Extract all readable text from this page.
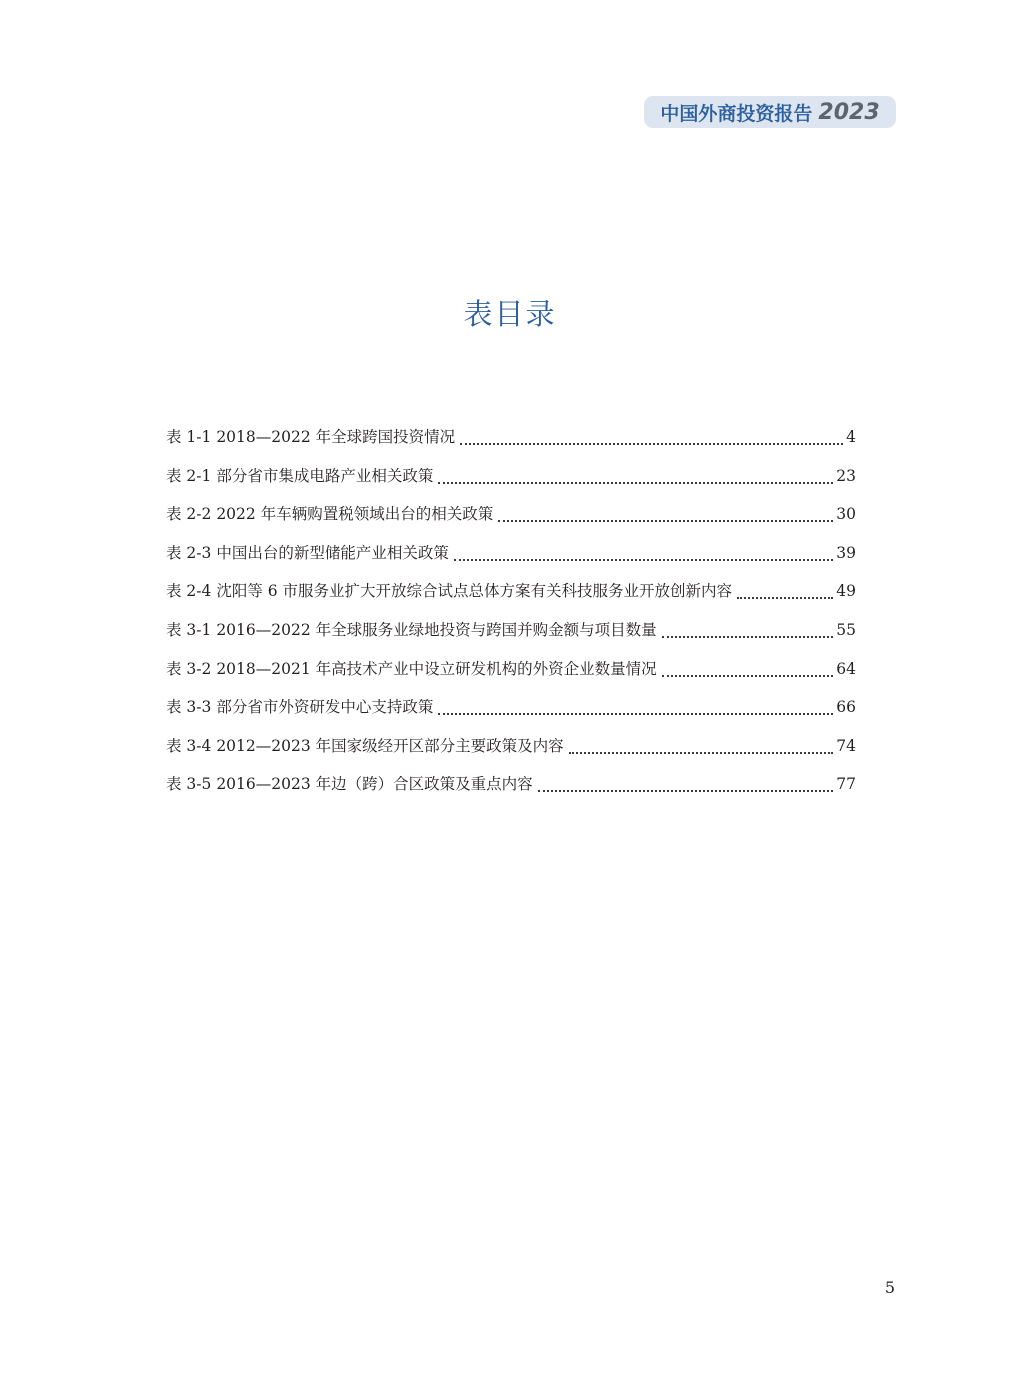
中国外商投资报告 2023
表目录
表 1-1 2018—2022 年全球跨国投资情况	4
表 2-1 部分省市集成电路产业相关政策	23
表 2-2 2022 年车辆购置税领域出台的相关政策	30
表 2-3 中国出台的新型储能产业相关政策	39
表 2-4 沈阳等 6 市服务业扩大开放综合试点总体方案有关科技服务业开放创新内容	49
表 3-1 2016—2022 年全球服务业绿地投资与跨国并购金额与项目数量	55
表 3-2 2018—2021 年高技术产业中设立研发机构的外资企业数量情况	64
表 3-3 部分省市外资研发中心支持政策	66
表 3-4 2012—2023 年国家级经开区部分主要政策及内容	74
表 3-5 2016—2023 年边（跨）合区政策及重点内容	77
5
